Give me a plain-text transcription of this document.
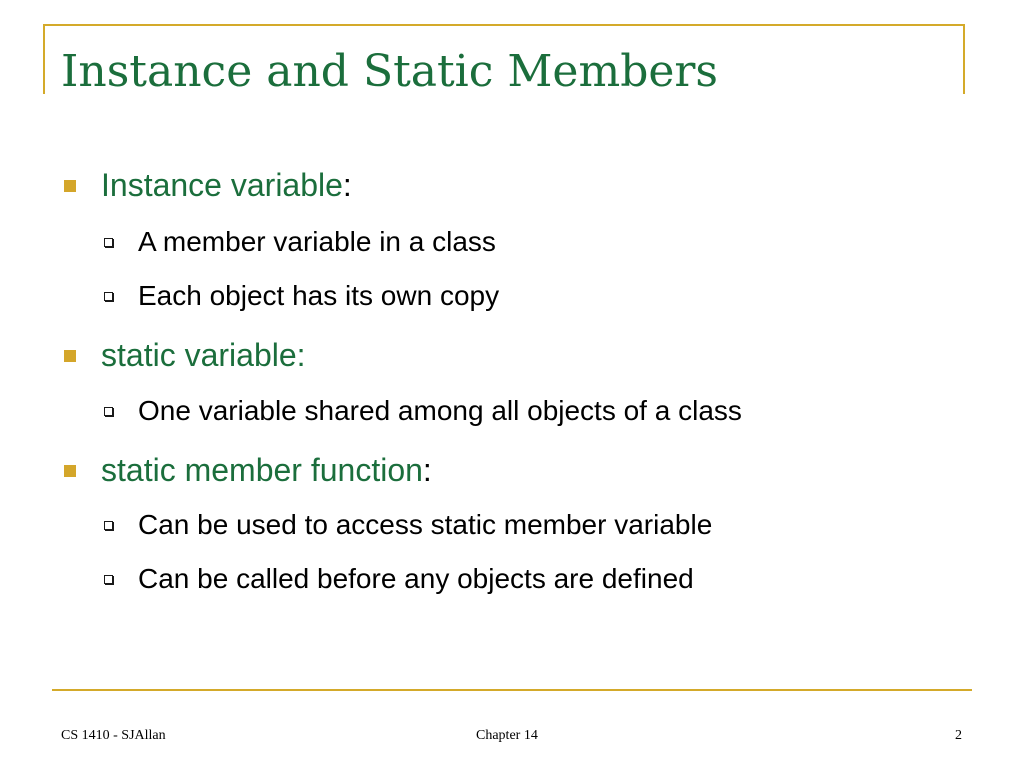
Instance and Static Members
Instance variable:
A member variable in a class
Each object has its own copy
static variable:
One variable shared among all objects of a class
static member function:
Can be used to access static member variable
Can be called before any objects are defined
CS 1410 - SJAllan	Chapter 14	2
